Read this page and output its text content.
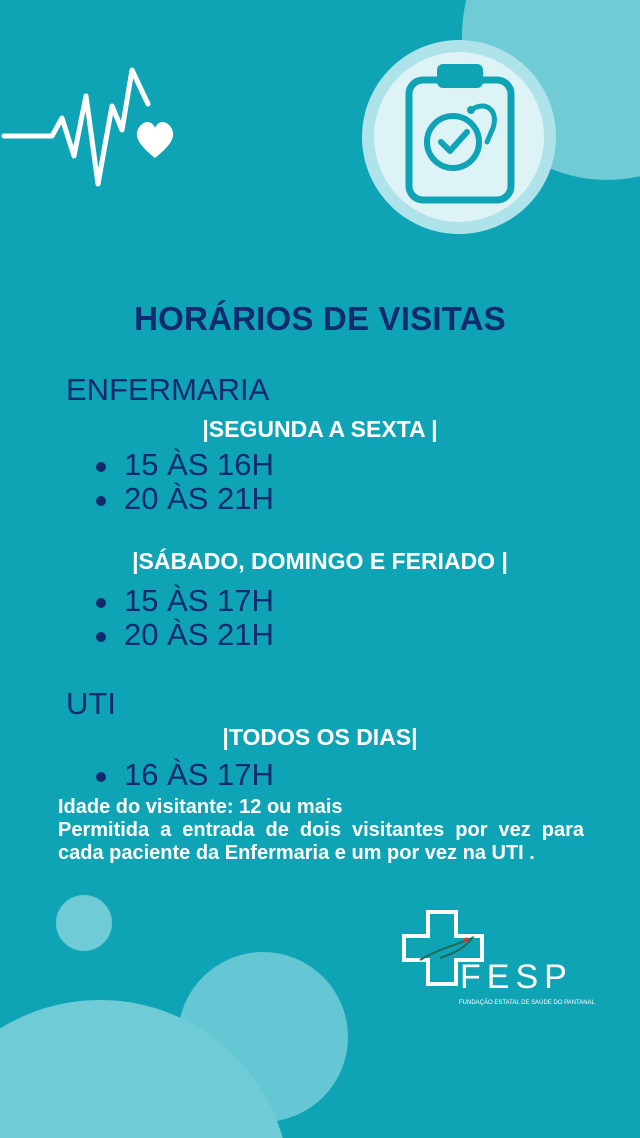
HORÁRIOS DE VISITAS
ENFERMARIA
|SEGUNDA A SEXTA |
15 ÀS 16H
20 ÀS 21H
|SÁBADO, DOMINGO E FERIADO |
15 ÀS 17H
20 ÀS 21H
UTI
|TODOS OS DIAS|
16 ÀS 17H

Idade do visitante: 12 ou mais

Permitida a entrada de dois visitantes por vez para cada paciente da Enfermaria e um por vez na UTI .

FESP
FUNDAÇÃO ESTATAL DE SAÚDE DO PANTANAL
